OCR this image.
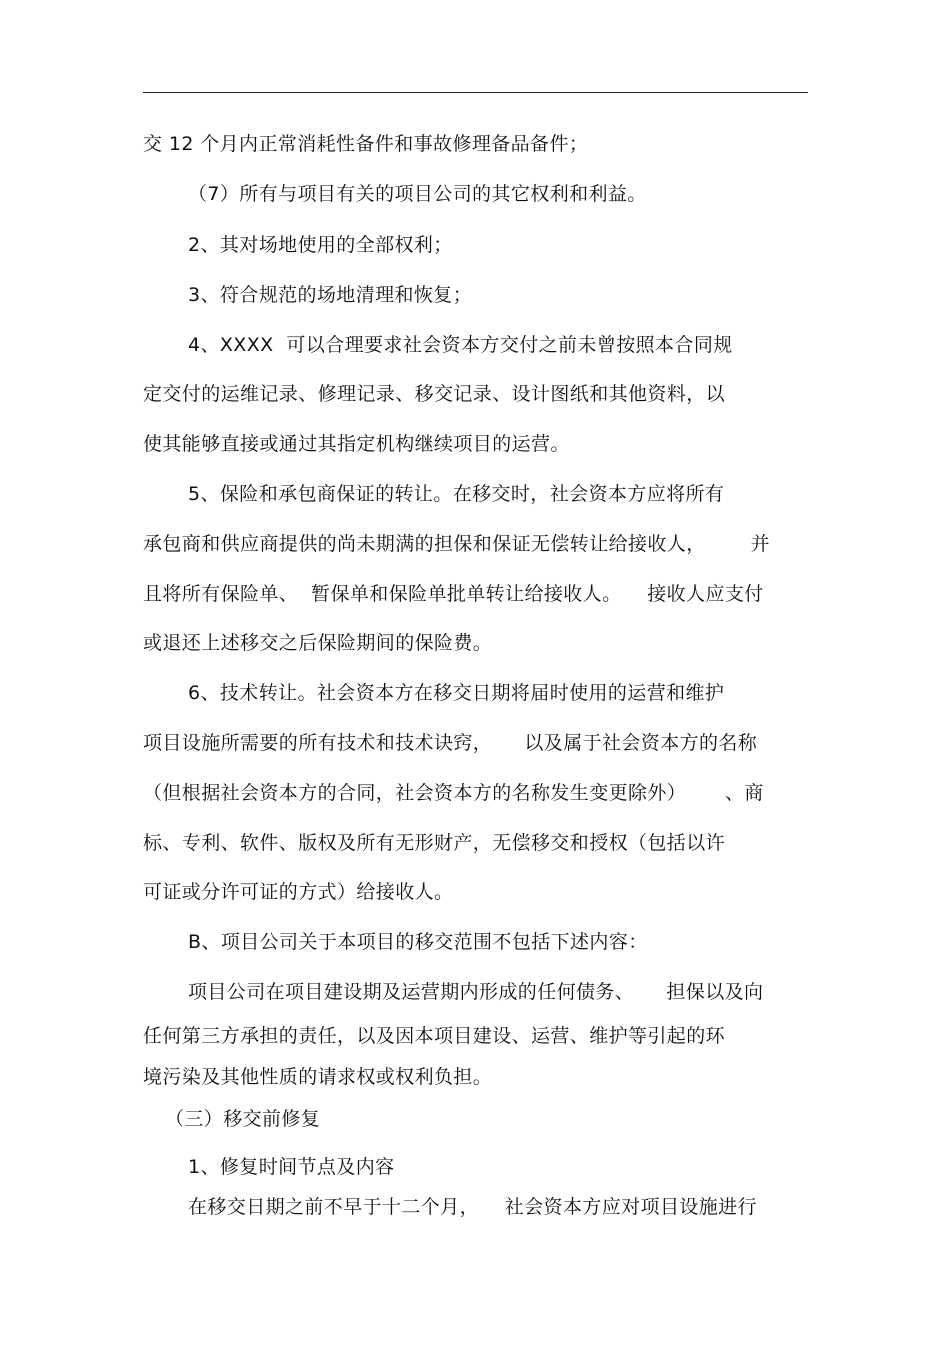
交 12 个月内正常消耗性备件和事故修理备品备件；
（7）所有与项目有关的项目公司的其它权利和利益。
2、其对场地使用的全部权利；
3、符合规范的场地清理和恢复；
4、XXXX  可以合理要求社会资本方交付之前未曾按照本合同规
定交付的运维记录、修理记录、移交记录、设计图纸和其他资料，以
使其能够直接或通过其指定机构继续项目的运营。
5、保险和承包商保证的转让。在移交时，社会资本方应将所有
承包商和供应商提供的尚未期满的担保和保证无偿转让给接收人，       并
且将所有保险单、  暂保单和保险单批单转让给接收人。    接收人应支付
或退还上述移交之后保险期间的保险费。
6、技术转让。社会资本方在移交日期将届时使用的运营和维护
项目设施所需要的所有技术和技术诀窍，     以及属于社会资本方的名称
（但根据社会资本方的合同，社会资本方的名称发生变更除外）      、商
标、专利、软件、版权及所有无形财产，无偿移交和授权（包括以许
可证或分许可证的方式）给接收人。
B、项目公司关于本项目的移交范围不包括下述内容：
项目公司在项目建设期及运营期内形成的任何债务、     担保以及向
任何第三方承担的责任，以及因本项目建设、运营、维护等引起的环
境污染及其他性质的请求权或权利负担。
（三）移交前修复
1、修复时间节点及内容
在移交日期之前不早于十二个月，    社会资本方应对项目设施进行
